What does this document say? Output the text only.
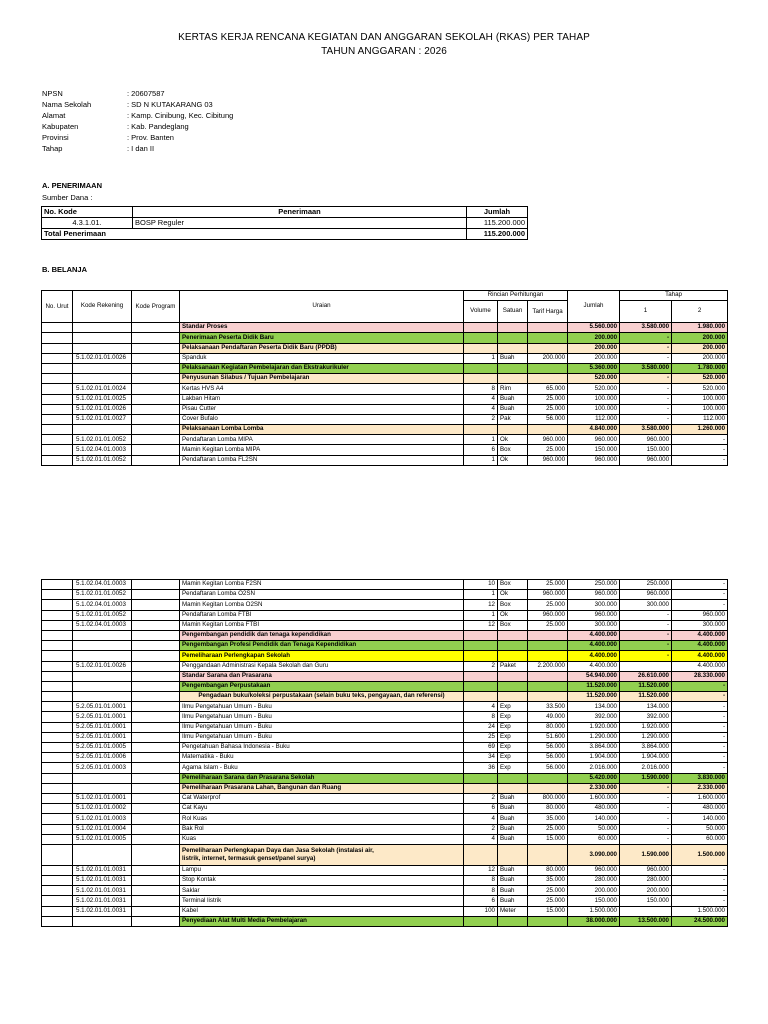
KERTAS KERJA RENCANA KEGIATAN DAN ANGGARAN SEKOLAH (RKAS) PER TAHAP
TAHUN ANGGARAN : 2026
NPSN	: 20607587
Nama Sekolah	: SD N KUTAKARANG 03
Alamat	: Kamp. Cinibung, Kec. Cibitung
Kabupaten	: Kab. Pandeglang
Provinsi	: Prov. Banten
Tahap	: I dan II
A. PENERIMAAN
Sumber Dana :
No. Kode	Penerimaan	Jumlah
4.3.1.01.	BOSP Reguler	115.200.000
Total Penerimaan		115.200.000
B. BELANJA
No. Urut	Kode Rekening	Kode Program	Uraian	Rincian Perhitungan			Jumlah	Tahap	
				Volume	Satuan	Tarif Harga		1	2
			Standar Proses				5.560.000	3.580.000	1.980.000
			Penerimaan Peserta Didik Baru				200.000	-	200.000
			Pelaksanaan Pendaftaran Peserta Didik Baru (PPDB)				200.000	-	200.000
	5.1.02.01.01.0026		Spanduk	1	Buah	200.000	200.000	-	200.000
			Pelaksanaan Kegiatan Pembelajaran dan Ekstrakurikuler				5.360.000	3.580.000	1.780.000
			Penyusunan Silabus / Tujuan Pembelajaran				520.000	-	520.000
	5.1.02.01.01.0024		Kertas HVS A4	8	Rim	65.000	520.000	-	520.000
	5.1.02.01.01.0025		Lakban Hitam	4	Buah	25.000	100.000	-	100.000
	5.1.02.01.01.0026		Pisau Cutter	4	Buah	25.000	100.000	-	100.000
	5.1.02.01.01.0027		Cover Bufalo	2	Pak	56.000	112.000	-	112.000
			Pelaksanaan Lomba Lomba				4.840.000	3.580.000	1.260.000
	5.1.02.01.01.0052		Pendaftaran Lomba MIPA	1	Ok	960.000	960.000	960.000	-
	5.1.02.04.01.0003		Mamin Kegitan Lomba MIPA	6	Box	25.000	150.000	150.000	-
	5.1.02.01.01.0052		Pendaftaran Lomba FL2SN	1	Ok	960.000	960.000	960.000	-
	5.1.02.04.01.0003		Mamin Kegitan Lomba F2SN	10	Box	25.000	250.000	250.000	-
	5.1.02.01.01.0052		Pendaftaran Lomba O2SN	1	Ok	960.000	960.000	960.000	-
	5.1.02.04.01.0003		Mamin Kegitan Lomba O2SN	12	Box	25.000	300.000	300.000	-
	5.1.02.01.01.0052		Pendaftaran Lomba FTBI	1	Ok	960.000	960.000	-	960.000
	5.1.02.04.01.0003		Mamin Kegitan Lomba FTBI	12	Box	25.000	300.000	-	300.000
			Pengembangan pendidik dan tenaga kependidikan				4.400.000	-	4.400.000
			Pengembangan Profesi Pendidik dan Tenaga Kependidikan				4.400.000	-	4.400.000
			Pemeliharaan Perlengkapan Sekolah				4.400.000	-	4.400.000
	5.1.02.01.01.0026		Penggandaan Administrasi Kepala Sekolah dan Guru	2	Paket	2.200.000	4.400.000		4.400.000
			Standar Sarana dan Prasarana				54.940.000	26.610.000	28.330.000
			Pengembangan Perpustakaan				11.520.000	11.520.000	-
			Pengadaan buku/koleksi perpustakaan (selain buku teks, pengayaan, dan referensi)				11.520.000	11.520.000	-
	5.2.05.01.01.0001		Ilmu Pengetahuan Umum - Buku	4	Exp	33.500	134.000	134.000	-
	5.2.05.01.01.0001		Ilmu Pengetahuan Umum - Buku	8	Exp	49.000	392.000	392.000	-
	5.2.05.01.01.0001		Ilmu Pengetahuan Umum - Buku	24	Exp	80.000	1.920.000	1.920.000	-
	5.2.05.01.01.0001		Ilmu Pengetahuan Umum - Buku	25	Exp	51.600	1.290.000	1.290.000	-
	5.2.05.01.01.0005		Pengetahuan Bahasa Indonesia - Buku	69	Exp	56.000	3.864.000	3.864.000	-
	5.2.05.01.01.0006		Matematika - Buku	34	Exp	56.000	1.904.000	1.904.000	-
	5.2.05.01.01.0003		Agama Islam - Buku	36	Exp	56.000	2.016.000	2.016.000	-
			Pemeliharaan Sarana dan Prasarana Sekolah				5.420.000	1.590.000	3.830.000
			Pemeliharaan Prasarana Lahan, Bangunan dan Ruang				2.330.000	-	2.330.000
	5.1.02.01.01.0001		Cat Waterprof	2	Buah	800.000	1.600.000	-	1.600.000
	5.1.02.01.01.0002		Cat Kayu	6	Buah	80.000	480.000	-	480.000
	5.1.02.01.01.0003		Rol Kuas	4	Buah	35.000	140.000	-	140.000
	5.1.02.01.01.0004		Bak Rol	2	Buah	25.000	50.000	-	50.000
	5.1.02.01.01.0005		Kuas	4	Buah	15.000	60.000	-	60.000

			Pemeliharaan Perlengkapan Daya dan Jasa Sekolah (instalasi air,
listrik, internet, termasuk genset/panel surya)				3.090.000	1.590.000	1.500.000
	5.1.02.01.01.0031		Lampu	12	Buah	80.000	960.000	960.000	-
	5.1.02.01.01.0031		Stop Kontak	8	Buah	35.000	280.000	280.000	-
	5.1.02.01.01.0031		Saklar	8	Buah	25.000	200.000	200.000	-
	5.1.02.01.01.0031		Terminal listrik	6	Buah	25.000	150.000	150.000	-
	5.1.02.01.01.0031		Kabel	100	Meter	15.000	1.500.000		1.500.000
			Penyediaan Alat Multi Media Pembelajaran				38.000.000	13.500.000	24.500.000
